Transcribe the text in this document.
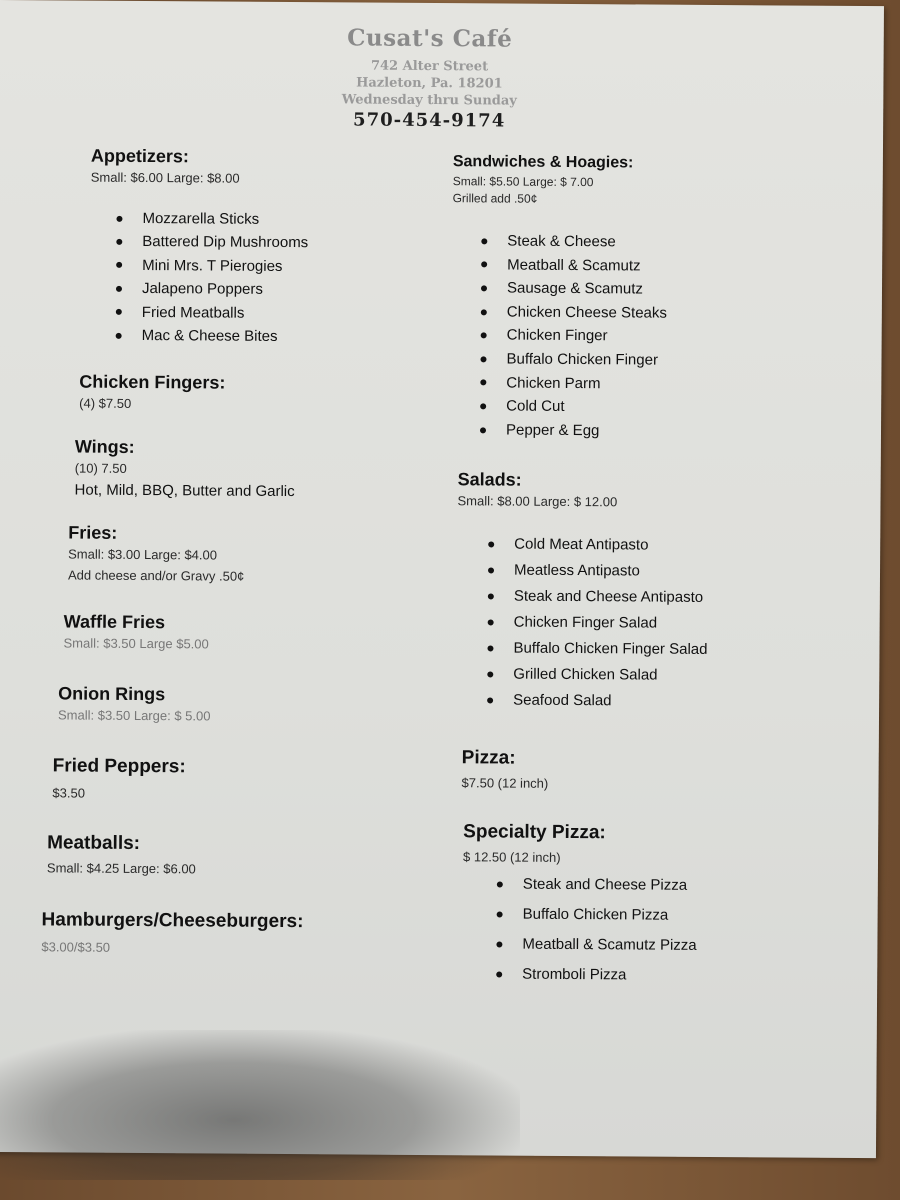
Cusat's Café
742 Alter Street
Hazleton, Pa. 18201
Wednesday thru Sunday
570-454-9174
Appetizers:
Small: $6.00 Large: $8.00
Mozzarella Sticks
Battered Dip Mushrooms
Mini Mrs. T Pierogies
Jalapeno Poppers
Fried Meatballs
Mac & Cheese Bites
Chicken Fingers:
(4) $7.50
Wings:
(10) 7.50
Hot, Mild, BBQ, Butter and Garlic
Fries:
Small: $3.00 Large: $4.00
Add cheese and/or Gravy .50¢
Waffle Fries
Small: $3.50 Large $5.00
Onion Rings
Small: $3.50 Large: $ 5.00
Fried Peppers:
$3.50
Meatballs:
Small: $4.25 Large: $6.00
Hamburgers/Cheeseburgers:
$3.00/$3.50
Sandwiches & Hoagies:
Small: $5.50 Large: $ 7.00
Grilled add .50¢
Steak & Cheese
Meatball & Scamutz
Sausage & Scamutz
Chicken Cheese Steaks
Chicken Finger
Buffalo Chicken Finger
Chicken Parm
Cold Cut
Pepper & Egg
Salads:
Small: $8.00 Large: $ 12.00
Cold Meat Antipasto
Meatless Antipasto
Steak and Cheese Antipasto
Chicken Finger Salad
Buffalo Chicken Finger Salad
Grilled Chicken Salad
Seafood Salad
Pizza:
$7.50 (12 inch)
Specialty Pizza:
$ 12.50 (12 inch)
Steak and Cheese Pizza
Buffalo Chicken Pizza
Meatball & Scamutz Pizza
Stromboli Pizza
